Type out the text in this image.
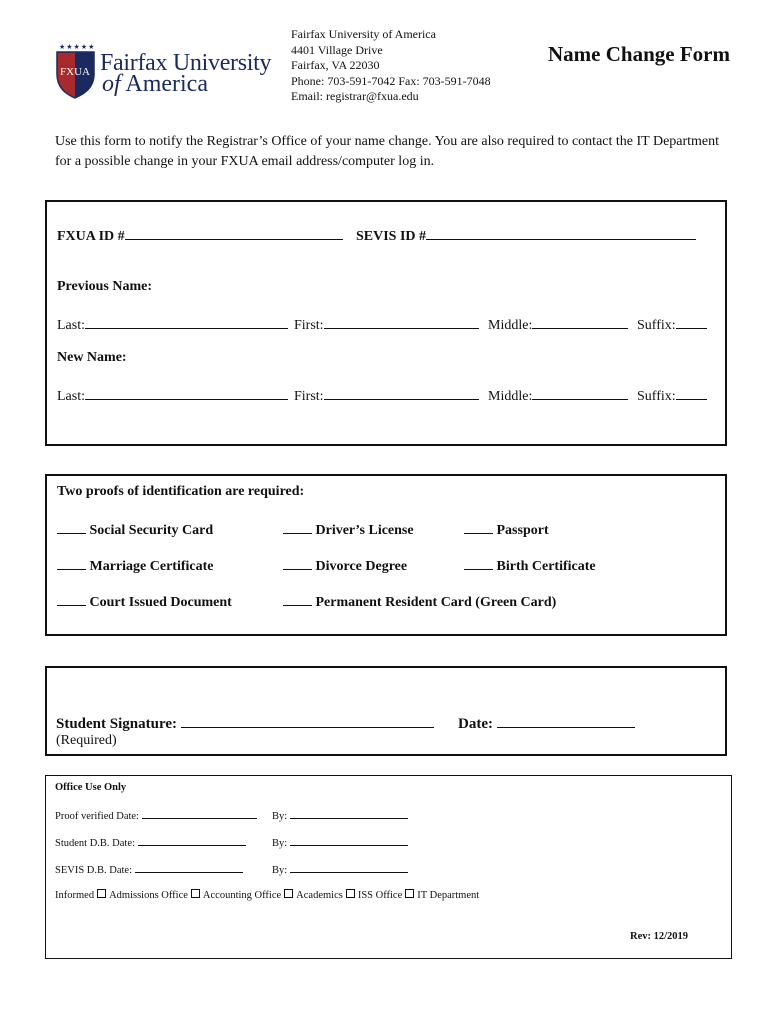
FXUA
★★★★★
Fairfax University
of America
Fairfax University of America
4401 Village Drive
Fairfax, VA 22030
Phone: 703-591-7042 Fax: 703-591-7048
Email: registrar@fxua.edu
Name Change Form
Use this form to notify the Registrar’s Office of your name change. You are also required to contact the IT Department for a possible change in your FXUA email address/computer log in.
FXUA ID #	SEVIS ID #
Previous Name:
Last:	First:	Middle:	Suffix:
New Name:
Last:	First:	Middle:	Suffix:
Two proofs of identification are required:
Social Security Card	Driver’s License	Passport
Marriage Certificate	Divorce Degree	Birth Certificate
Court Issued Document	Permanent Resident Card (Green Card)
Student Signature:	Date:
(Required)
Office Use Only
Proof verified Date:	By:
Student D.B. Date:	By:
SEVIS D.B. Date:	By:
Informed Admissions Office Accounting Office Academics ISS Office IT Department
Rev: 12/2019
